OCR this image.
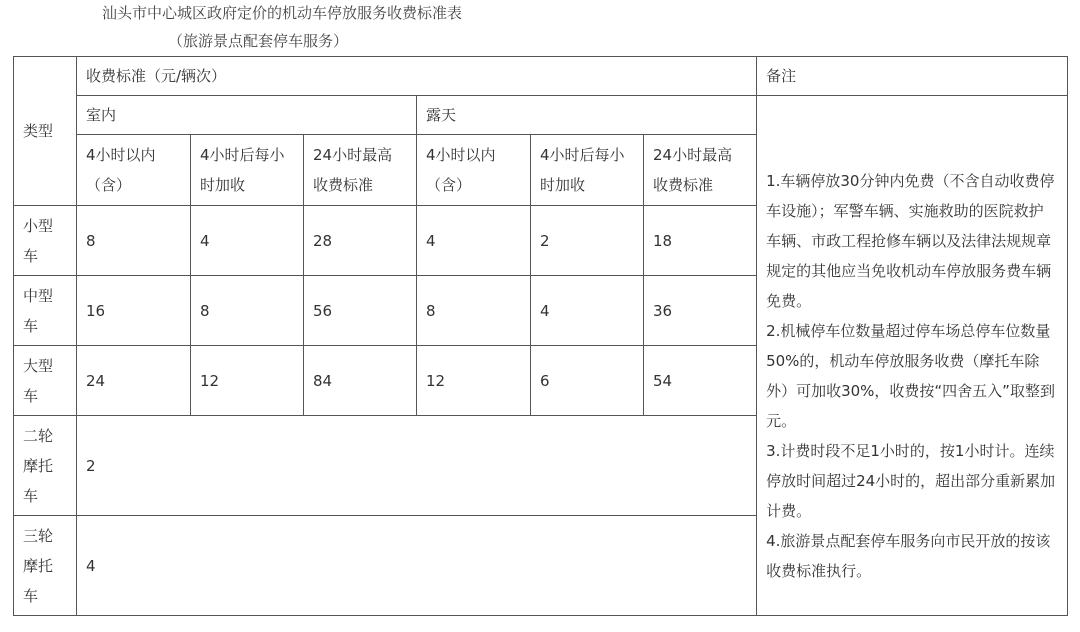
汕头市中心城区政府定价的机动车停放服务收费标准表
（旅游景点配套停车服务）
类型	收费标准（元/辆次）						备注
	室内			露天			1.车辆停放30分钟内免费（不含自动收费停车设施）；军警车辆、实施救助的医院救护车辆、市政工程抢修车辆以及法律法规规章规定的其他应当免收机动车停放服务费车辆免费。

2.机械停车位数量超过停车场总停车位数量50%的，机动车停放服务收费（摩托车除外）可加收30%，收费按“四舍五入”取整到元。

3.计费时段不足1小时的，按1小时计。连续停放时间超过24小时的，超出部分重新累加计费。

4.旅游景点配套停车服务向市民开放的按该收费标准执行。

	4小时以内（含）	4小时后每小时加收	24小时最高收费标准	4小时以内（含）	4小时后每小时加收	24小时最高收费标准	
小型车	8	4	28	4	2	18	
中型车	16	8	56	8	4	36	
大型车	24	12	84	12	6	54	
二轮摩托车	2						
三轮摩托车	4						
